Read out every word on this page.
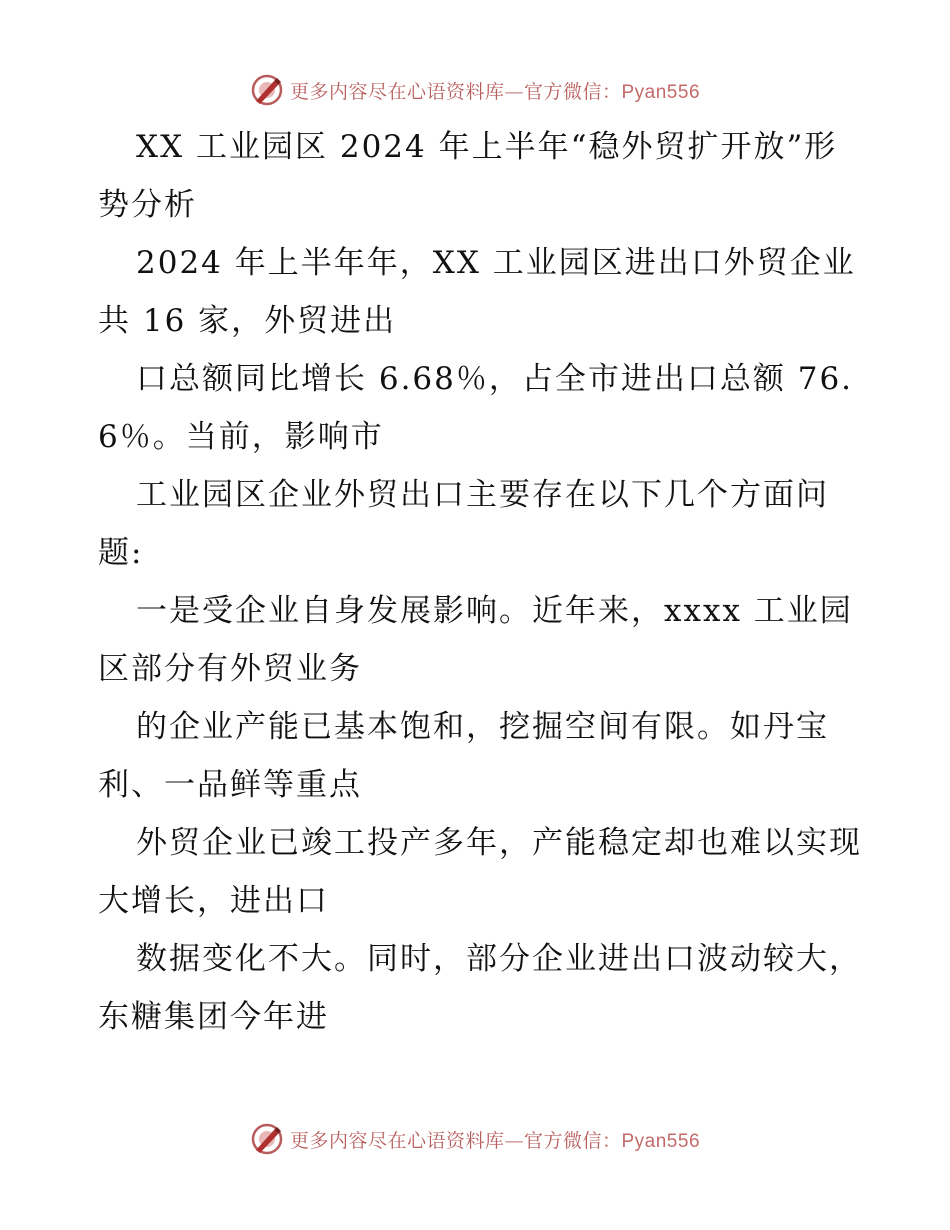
更多内容尽在心语资料库—官方微信：Pyan556

XX 工业园区 2024 年上半年“稳外贸扩开放”形势分析

2024 年上半年年，XX 工业园区进出口外贸企业共 16 家，外贸进出

口总额同比增长 6.68％，占全市进出口总额 76.6％。当前，影响市

工业园区企业外贸出口主要存在以下几个方面问题:

一是受企业自身发展影响。近年来，xxxx 工业园区部分有外贸业务

的企业产能已基本饱和，挖掘空间有限。如丹宝利、一品鲜等重点

外贸企业已竣工投产多年，产能稳定却也难以实现大增长，进出口

数据变化不大。同时，部分企业进出口波动较大，东糖集团今年进

更多内容尽在心语资料库—官方微信：Pyan556
